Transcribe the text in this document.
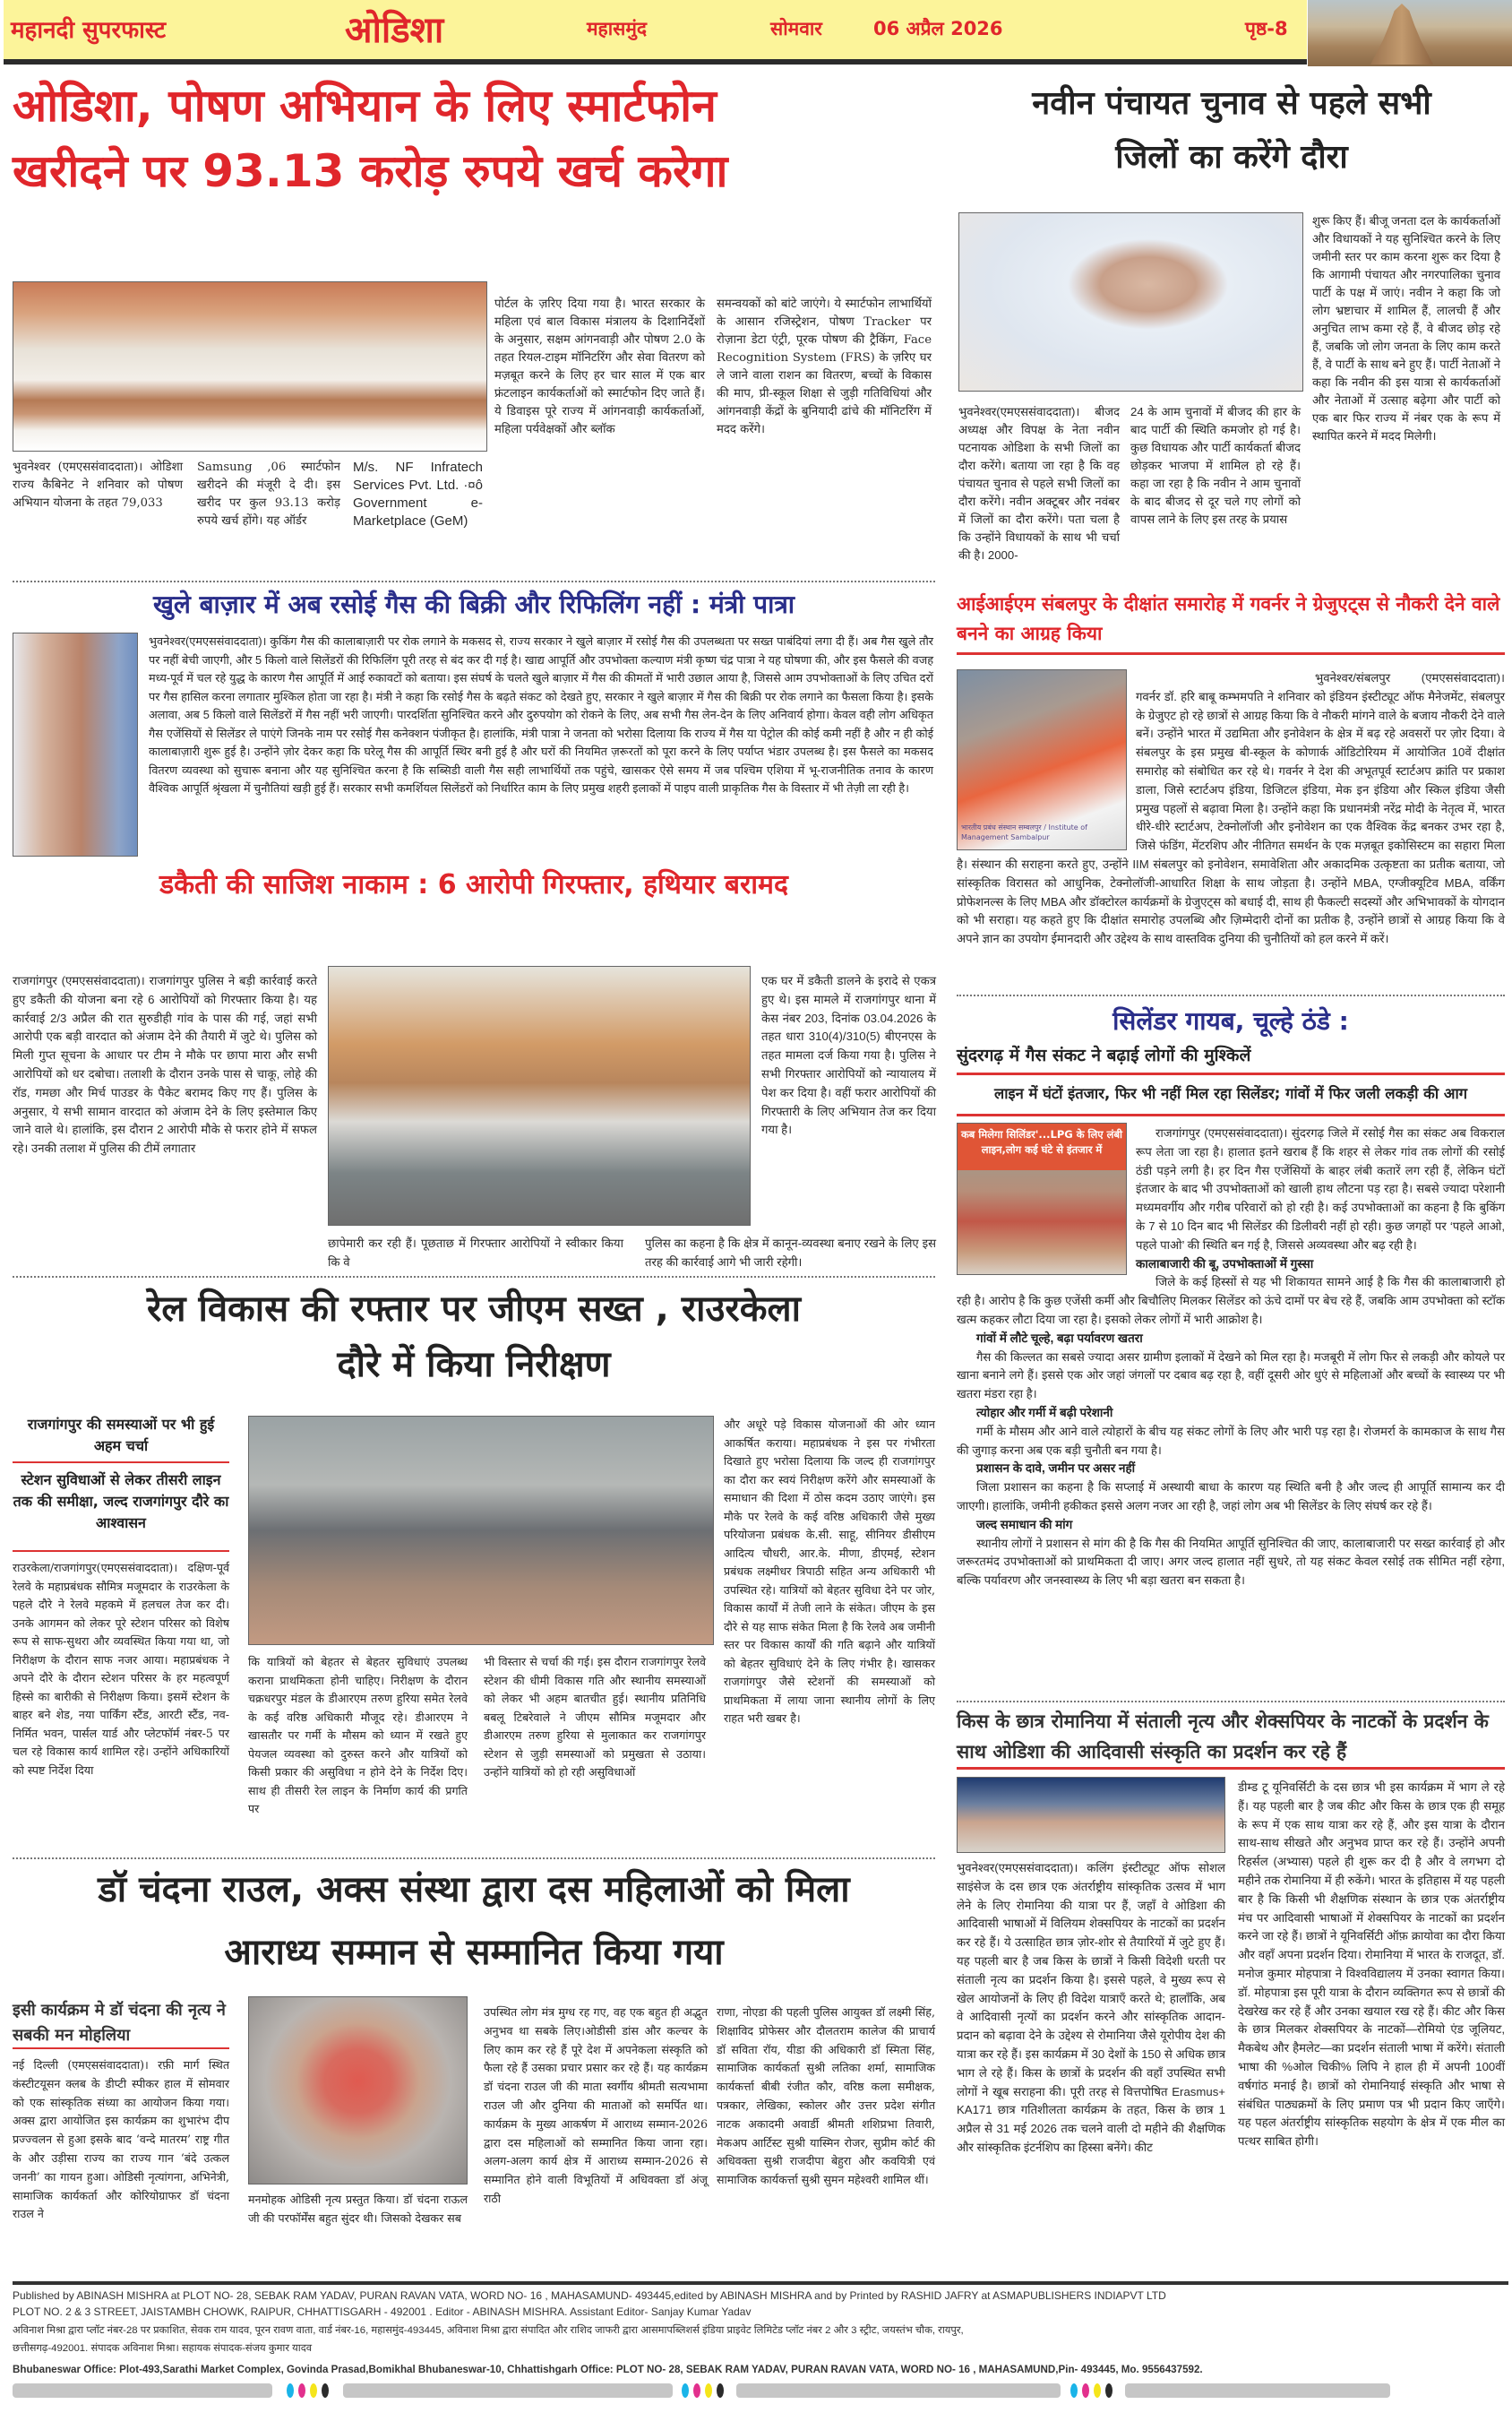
महानदी सुपरफास्ट	ओडिशा	महासमुंद	सोमवार	06 अप्रैल 2026	पृष्ठ-8
ओडिशा, पोषण अभियान के लिए स्मार्टफोन
खरीदने पर 93.13 करोड़ रुपये खर्च करेगा
भुवनेश्वर (एमएससंवाददाता)। ओडिशा राज्य कैबिनेट ने शनिवार को पोषण अभियान योजना के तहत 79,033
Samsung ,06 स्मार्टफोन खरीदने की मंजूरी दे दी। इस खरीद पर कुल 93.13 करोड़ रुपये खर्च होंगे। यह ऑर्डर
M/s. NF Infratech Services Pvt. Ltd. ·¤ô Government e-Marketplace (GeM)
पोर्टल के ज़रिए दिया गया है। भारत सरकार के महिला एवं बाल विकास मंत्रालय के दिशानिर्देशों के अनुसार, सक्षम आंगनवाड़ी और पोषण 2.0 के तहत रियल-टाइम मॉनिटरिंग और सेवा वितरण को मज़बूत करने के लिए हर चार साल में एक बार फ्रंटलाइन कार्यकर्ताओं को स्मार्टफोन दिए जाते हैं। ये डिवाइस पूरे राज्य में आंगनवाड़ी कार्यकर्ताओं, महिला पर्यवेक्षकों और ब्लॉक
समन्वयकों को बांटे जाएंगे। ये स्मार्टफोन लाभार्थियों के आसान रजिस्ट्रेशन, पोषण Tracker पर रोज़ाना डेटा एंट्री, पूरक पोषण की ट्रैकिंग, Face Recognition System (FRS) के ज़रिए घर ले जाने वाला राशन का वितरण, बच्चों के विकास की माप, प्री-स्कूल शिक्षा से जुड़ी गतिविधियां और आंगनवाड़ी केंद्रों के बुनियादी ढांचे की मॉनिटरिंग में मदद करेंगे।
नवीन पंचायत चुनाव से पहले सभी
जिलों का करेंगे दौरा
भुवनेश्वर(एमएससंवाददाता)। बीजद अध्यक्ष और विपक्ष के नेता नवीन पटनायक ओडिशा के सभी जिलों का दौरा करेंगे। बताया जा रहा है कि वह पंचायत चुनाव से पहले सभी जिलों का दौरा करेंगे। नवीन अक्टूबर और नवंबर में जिलों का दौरा करेंगे। पता चला है कि उन्होंने विधायकों के साथ भी चर्चा की है। 2000-
24 के आम चुनावों में बीजद की हार के बाद पार्टी की स्थिति कमजोर हो गई है। कुछ विधायक और पार्टी कार्यकर्ता बीजद छोड़कर भाजपा में शामिल हो रहे हैं। कहा जा रहा है कि नवीन ने आम चुनावों के बाद बीजद से दूर चले गए लोगों को वापस लाने के लिए इस तरह के प्रयास
शुरू किए हैं। बीजू जनता दल के कार्यकर्ताओं और विधायकों ने यह सुनिश्चित करने के लिए जमीनी स्तर पर काम करना शुरू कर दिया है कि आगामी पंचायत और नगरपालिका चुनाव पार्टी के पक्ष में जाएं। नवीन ने कहा कि जो लोग भ्रष्टाचार में शामिल हैं, लालची हैं और अनुचित लाभ कमा रहे हैं, वे बीजद छोड़ रहे हैं, जबकि जो लोग जनता के लिए काम करते हैं, वे पार्टी के साथ बने हुए हैं। पार्टी नेताओं ने कहा कि नवीन की इस यात्रा से कार्यकर्ताओं और नेताओं में उत्साह बढ़ेगा और पार्टी को एक बार फिर राज्य में नंबर एक के रूप में स्थापित करने में मदद मिलेगी।
खुले बाज़ार में अब रसोई गैस की बिक्री और रिफिलिंग नहीं : मंत्री पात्रा
भुवनेश्वर(एमएससंवाददाता)। कुकिंग गैस की कालाबाज़ारी पर रोक लगाने के मकसद से, राज्य सरकार ने खुले बाज़ार में रसोई गैस की उपलब्धता पर सख्त पाबंदियां लगा दी हैं। अब गैस खुले तौर पर नहीं बेची जाएगी, और 5 किलो वाले सिलेंडरों की रिफिलिंग पूरी तरह से बंद कर दी गई है। खाद्य आपूर्ति और उपभोक्ता कल्याण मंत्री कृष्ण चंद्र पात्रा ने यह घोषणा की, और इस फैसले की वजह मध्य-पूर्व में चल रहे युद्ध के कारण गैस आपूर्ति में आई रुकावटों को बताया। इस संघर्ष के चलते खुले बाज़ार में गैस की कीमतों में भारी उछाल आया है, जिससे आम उपभोक्ताओं के लिए उचित दरों पर गैस हासिल करना लगातार मुश्किल होता जा रहा है। मंत्री ने कहा कि रसोई गैस के बढ़ते संकट को देखते हुए, सरकार ने खुले बाज़ार में गैस की बिक्री पर रोक लगाने का फैसला किया है। इसके अलावा, अब 5 किलो वाले सिलेंडरों में गैस नहीं भरी जाएगी। पारदर्शिता सुनिश्चित करने और दुरुपयोग को रोकने के लिए, अब सभी गैस लेन-देन के लिए अनिवार्य होगा। केवल वही लोग अधिकृत गैस एजेंसियों से सिलेंडर ले पाएंगे जिनके नाम पर रसोई गैस कनेक्शन पंजीकृत है। हालांकि, मंत्री पात्रा ने जनता को भरोसा दिलाया कि राज्य में गैस या पेट्रोल की कोई कमी नहीं है और न ही कोई कालाबाज़ारी शुरू हुई है। उन्होंने ज़ोर देकर कहा कि घरेलू गैस की आपूर्ति स्थिर बनी हुई है और घरों की नियमित ज़रूरतों को पूरा करने के लिए पर्याप्त भंडार उपलब्ध है। इस फैसले का मकसद वितरण व्यवस्था को सुचारू बनाना और यह सुनिश्चित करना है कि सब्सिडी वाली गैस सही लाभार्थियों तक पहुंचे, खासकर ऐसे समय में जब पश्चिम एशिया में भू-राजनीतिक तनाव के कारण वैश्विक आपूर्ति श्रृंखला में चुनौतियां खड़ी हुई हैं। सरकार सभी कमर्शियल सिलेंडरों को निर्धारित काम के लिए प्रमुख शहरी इलाकों में पाइप वाली प्राकृतिक गैस के विस्तार में भी तेज़ी ला रही है।
आईआईएम संबलपुर के दीक्षांत समारोह में गवर्नर ने ग्रेजुएट्स से नौकरी देने वाले बनने का आग्रह किया
भारतीय प्रबंध संस्थान सम्बलपुर / Institute of Management Sambalpur
भुवनेश्वर/संबलपुर (एमएससंवाददाता)। गवर्नर डॉ. हरि बाबू कम्भमपति ने शनिवार को इंडियन इंस्टीट्यूट ऑफ मैनेजमेंट, संबलपुर के ग्रेजुएट हो रहे छात्रों से आग्रह किया कि वे नौकरी मांगने वाले के बजाय नौकरी देने वाले बनें। उन्होंने भारत में उद्यमिता और इनोवेशन के क्षेत्र में बढ़ रहे अवसरों पर ज़ोर दिया। वे संबलपुर के इस प्रमुख बी-स्कूल के कोणार्क ऑडिटोरियम में आयोजित 10वें दीक्षांत समारोह को संबोधित कर रहे थे। गवर्नर ने देश की अभूतपूर्व स्टार्टअप क्रांति पर प्रकाश डाला, जिसे स्टार्टअप इंडिया, डिजिटल इंडिया, मेक इन इंडिया और स्किल इंडिया जैसी प्रमुख पहलों से बढ़ावा मिला है। उन्होंने कहा कि प्रधानमंत्री नरेंद्र मोदी के नेतृत्व में, भारत धीरे-धीरे स्टार्टअप, टेक्नोलॉजी और इनोवेशन का एक वैश्विक केंद्र बनकर उभर रहा है, जिसे फंडिंग, मेंटरशिप और नीतिगत समर्थन के एक मज़बूत इकोसिस्टम का सहारा मिला है। संस्थान की सराहना करते हुए, उन्होंने IIM संबलपुर को इनोवेशन, समावेशिता और अकादमिक उत्कृष्टता का प्रतीक बताया, जो सांस्कृतिक विरासत को आधुनिक, टेक्नोलॉजी-आधारित शिक्षा के साथ जोड़ता है। उन्होंने MBA, एग्जीक्यूटिव MBA, वर्किंग प्रोफेशनल्स के लिए MBA और डॉक्टोरल कार्यक्रमों के ग्रेजुएट्स को बधाई दी, साथ ही फैकल्टी सदस्यों और अभिभावकों के योगदान को भी सराहा। यह कहते हुए कि दीक्षांत समारोह उपलब्धि और ज़िम्मेदारी दोनों का प्रतीक है, उन्होंने छात्रों से आग्रह किया कि वे अपने ज्ञान का उपयोग ईमानदारी और उद्देश्य के साथ वास्तविक दुनिया की चुनौतियों को हल करने में करें।
डकैती की साजिश नाकाम : 6 आरोपी गिरफ्तार, हथियार बरामद
राजगांगपुर (एमएससंवाददाता)। राजगांगपुर पुलिस ने बड़ी कार्रवाई करते हुए डकैती की योजना बना रहे 6 आरोपियों को गिरफ्तार किया है। यह कार्रवाई 2/3 अप्रैल की रात सुरुडीही गांव के पास की गई, जहां सभी आरोपी एक बड़ी वारदात को अंजाम देने की तैयारी में जुटे थे। पुलिस को मिली गुप्त सूचना के आधार पर टीम ने मौके पर छापा मारा और सभी आरोपियों को धर दबोचा। तलाशी के दौरान उनके पास से चाकू, लोहे की रॉड, गमछा और मिर्च पाउडर के पैकेट बरामद किए गए हैं। पुलिस के अनुसार, ये सभी सामान वारदात को अंजाम देने के लिए इस्तेमाल किए जाने वाले थे। हालांकि, इस दौरान 2 आरोपी मौके से फरार होने में सफल रहे। उनकी तलाश में पुलिस की टीमें लगातार
छापेमारी कर रही हैं। पूछताछ में गिरफ्तार आरोपियों ने स्वीकार किया कि वे
एक घर में डकैती डालने के इरादे से एकत्र हुए थे। इस मामले में राजगांगपुर थाना में केस नंबर 203, दिनांक 03.04.2026 के तहत धारा 310(4)/310(5) बीएनएस के तहत मामला दर्ज किया गया है। पुलिस ने सभी गिरफ्तार आरोपियों को न्यायालय में पेश कर दिया है। वहीं फरार आरोपियों की गिरफ्तारी के लिए अभियान तेज कर दिया गया है।
पुलिस का कहना है कि क्षेत्र में कानून-व्यवस्था बनाए रखने के लिए इस तरह की कार्रवाई आगे भी जारी रहेगी।
सिलेंडर गायब, चूल्हे ठंडे :
सुंदरगढ़ में गैस संकट ने बढ़ाई लोगों की मुश्किलें
लाइन में घंटों इंतजार, फिर भी नहीं मिल रहा सिलेंडर; गांवों में फिर जली लकड़ी की आग
कब मिलेगा सिलिंडर'...LPG के लिए लंबी लाइन,लोग कई घंटे से इंतजार में

राजगांगपुर (एमएससंवाददाता)। सुंदरगढ़ जिले में रसोई गैस का संकट अब विकराल रूप लेता जा रहा है। हालात इतने खराब हैं कि शहर से लेकर गांव तक लोगों की रसोई ठंडी पड़ने लगी है। हर दिन गैस एजेंसियों के बाहर लंबी कतारें लग रही हैं, लेकिन घंटों इंतजार के बाद भी उपभोक्ताओं को खाली हाथ लौटना पड़ रहा है। सबसे ज्यादा परेशानी मध्यमवर्गीय और गरीब परिवारों को हो रही है। कई उपभोक्ताओं का कहना है कि बुकिंग के 7 से 10 दिन बाद भी सिलेंडर की डिलीवरी नहीं हो रही। कुछ जगहों पर ‘पहले आओ, पहले पाओ’ की स्थिति बन गई है, जिससे अव्यवस्था और बढ़ रही है।

कालाबाजारी की बू, उपभोक्ताओं में गुस्सा

जिले के कई हिस्सों से यह भी शिकायत सामने आई है कि गैस की कालाबाजारी हो रही है। आरोप है कि कुछ एजेंसी कर्मी और बिचौलिए मिलकर सिलेंडर को ऊंचे दामों पर बेच रहे हैं, जबकि आम उपभोक्ता को स्टॉक खत्म कहकर लौटा दिया जा रहा है। इसको लेकर लोगों में भारी आक्रोश है।

गांवों में लौटे चूल्हे, बढ़ा पर्यावरण खतरा

गैस की किल्लत का सबसे ज्यादा असर ग्रामीण इलाकों में देखने को मिल रहा है। मजबूरी में लोग फिर से लकड़ी और कोयले पर खाना बनाने लगे हैं। इससे एक ओर जहां जंगलों पर दबाव बढ़ रहा है, वहीं दूसरी ओर धुएं से महिलाओं और बच्चों के स्वास्थ्य पर भी खतरा मंडरा रहा है।

त्योहार और गर्मी में बढ़ी परेशानी

गर्मी के मौसम और आने वाले त्योहारों के बीच यह संकट लोगों के लिए और भारी पड़ रहा है। रोजमर्रा के कामकाज के साथ गैस की जुगाड़ करना अब एक बड़ी चुनौती बन गया है।

प्रशासन के दावे, जमीन पर असर नहीं

जिला प्रशासन का कहना है कि सप्लाई में अस्थायी बाधा के कारण यह स्थिति बनी है और जल्द ही आपूर्ति सामान्य कर दी जाएगी। हालांकि, जमीनी हकीकत इससे अलग नजर आ रही है, जहां लोग अब भी सिलेंडर के लिए संघर्ष कर रहे हैं।

जल्द समाधान की मांग

स्थानीय लोगों ने प्रशासन से मांग की है कि गैस की नियमित आपूर्ति सुनिश्चित की जाए, कालाबाजारी पर सख्त कार्रवाई हो और जरूरतमंद उपभोक्ताओं को प्राथमिकता दी जाए। अगर जल्द हालात नहीं सुधरे, तो यह संकट केवल रसोई तक सीमित नहीं रहेगा, बल्कि पर्यावरण और जनस्वास्थ्य के लिए भी बड़ा खतरा बन सकता है।

रेल विकास की रफ्तार पर जीएम सख्त , राउरकेला
दौरे में किया निरीक्षण
राजगांगपुर की समस्याओं पर भी हुई अहम चर्चा
स्टेशन सुविधाओं से लेकर तीसरी लाइन तक की समीक्षा, जल्द राजगांगपुर दौरे का आश्वासन
राउरकेला/राजगांगपुर(एमएससंवाददाता)। दक्षिण-पूर्व रेलवे के महाप्रबंधक सौमित्र मजूमदार के राउरकेला के पहले दौरे ने रेलवे महकमे में हलचल तेज कर दी। उनके आगमन को लेकर पूरे स्टेशन परिसर को विशेष रूप से साफ-सुथरा और व्यवस्थित किया गया था, जो निरीक्षण के दौरान साफ नजर आया। महाप्रबंधक ने अपने दौरे के दौरान स्टेशन परिसर के हर महत्वपूर्ण हिस्से का बारीकी से निरीक्षण किया। इसमें स्टेशन के बाहर बने शेड, नया पार्किंग स्टैंड, आरटी स्टैंड, नव-निर्मित भवन, पार्सल यार्ड और प्लेटफॉर्म नंबर-5 पर चल रहे विकास कार्य शामिल रहे। उन्होंने अधिकारियों को स्पष्ट निर्देश दिया
कि यात्रियों को बेहतर से बेहतर सुविधाएं उपलब्ध कराना प्राथमिकता होनी चाहिए। निरीक्षण के दौरान चक्रधरपुर मंडल के डीआरएम तरुण हुरिया समेत रेलवे के कई वरिष्ठ अधिकारी मौजूद रहे। डीआरएम ने खासतौर पर गर्मी के मौसम को ध्यान में रखते हुए पेयजल व्यवस्था को दुरुस्त करने और यात्रियों को किसी प्रकार की असुविधा न होने देने के निर्देश दिए। साथ ही तीसरी रेल लाइन के निर्माण कार्य की प्रगति पर
भी विस्तार से चर्चा की गई। इस दौरान राजगांगपुर रेलवे स्टेशन की धीमी विकास गति और स्थानीय समस्याओं को लेकर भी अहम बातचीत हुई। स्थानीय प्रतिनिधि बबलू टिबरेवाले ने जीएम सौमित्र मजूमदार और डीआरएम तरुण हुरिया से मुलाकात कर राजगांगपुर स्टेशन से जुड़ी समस्याओं को प्रमुखता से उठाया। उन्होंने यात्रियों को हो रही असुविधाओं
और अधूरे पड़े विकास योजनाओं की ओर ध्यान आकर्षित कराया। महाप्रबंधक ने इस पर गंभीरता दिखाते हुए भरोसा दिलाया कि जल्द ही राजगांगपुर का दौरा कर स्वयं निरीक्षण करेंगे और समस्याओं के समाधान की दिशा में ठोस कदम उठाए जाएंगे। इस मौके पर रेलवे के कई वरिष्ठ अधिकारी जैसे मुख्य परियोजना प्रबंधक के.सी. साहू, सीनियर डीसीएम आदित्य चौधरी, आर.के. मीणा, डीएमई, स्टेशन प्रबंधक लक्ष्मीधर त्रिपाठी सहित अन्य अधिकारी भी उपस्थित रहे। यात्रियों को बेहतर सुविधा देने पर जोर, विकास कार्यों में तेजी लाने के संकेत। जीएम के इस दौरे से यह साफ संकेत मिला है कि रेलवे अब जमीनी स्तर पर विकास कार्यों की गति बढ़ाने और यात्रियों को बेहतर सुविधाएं देने के लिए गंभीर है। खासकर राजगांगपुर जैसे स्टेशनों की समस्याओं को प्राथमिकता में लाया जाना स्थानीय लोगों के लिए राहत भरी खबर है।	किस के छात्र रोमानिया में संताली नृत्य और शेक्सपियर के नाटकों के प्रदर्शन के साथ ओडिशा की आदिवासी संस्कृति का प्रदर्शन कर रहे हैं
भुवनेश्वर(एमएससंवाददाता)। कलिंग इंस्टीट्यूट ऑफ सोशल साइंसेज के दस छात्र एक अंतर्राष्ट्रीय सांस्कृतिक उत्सव में भाग लेने के लिए रोमानिया की यात्रा पर हैं, जहाँ वे ओडिशा की आदिवासी भाषाओं में विलियम शेक्सपियर के नाटकों का प्रदर्शन कर रहे हैं। ये उत्साहित छात्र ज़ोर-शोर से तैयारियों में जुटे हुए हैं। यह पहली बार है जब किस के छात्रों ने किसी विदेशी धरती पर संताली नृत्य का प्रदर्शन किया है। इससे पहले, वे मुख्य रूप से खेल आयोजनों के लिए ही विदेश यात्राएँ करते थे; हालाँकि, अब वे आदिवासी नृत्यों का प्रदर्शन करने और सांस्कृतिक आदान-प्रदान को बढ़ावा देने के उद्देश्य से रोमानिया जैसे यूरोपीय देश की यात्रा कर रहे हैं। इस कार्यक्रम में 30 देशों के 150 से अधिक छात्र भाग ले रहे हैं। किस के छात्रों के प्रदर्शन की वहाँ उपस्थित सभी लोगों ने खूब सराहना की। पूरी तरह से वित्तपोषित Erasmus+ KA171 छात्र गतिशीलता कार्यक्रम के तहत, किस के छात्र 1 अप्रैल से 31 मई 2026 तक चलने वाली दो महीने की शैक्षणिक और सांस्कृतिक इंटर्नशिप का हिस्सा बनेंगे। कीट
डीम्ड टू यूनिवर्सिटी के दस छात्र भी इस कार्यक्रम में भाग ले रहे हैं। यह पहली बार है जब कीट और किस के छात्र एक ही समूह के रूप में एक साथ यात्रा कर रहे हैं, और इस यात्रा के दौरान साथ-साथ सीखते और अनुभव प्राप्त कर रहे हैं। उन्होंने अपनी रिहर्सल (अभ्यास) पहले ही शुरू कर दी है और वे लगभग दो महीने तक रोमानिया में ही रुकेंगे। भारत के इतिहास में यह पहली बार है कि किसी भी शैक्षणिक संस्थान के छात्र एक अंतर्राष्ट्रीय मंच पर आदिवासी भाषाओं में शेक्सपियर के नाटकों का प्रदर्शन करने जा रहे हैं। छात्रों ने यूनिवर्सिटी ऑफ़ क्रायोवा का दौरा किया और वहाँ अपना प्रदर्शन दिया। रोमानिया में भारत के राजदूत, डॉ. मनोज कुमार मोहपात्रा ने विश्वविद्यालय में उनका स्वागत किया। डॉ. मोहपात्रा इस पूरी यात्रा के दौरान व्यक्तिगत रूप से छात्रों की देखरेख कर रहे हैं और उनका खयाल रख रहे हैं। कीट और किस के छात्र मिलकर शेक्सपियर के नाटकों—रोमियो एंड जूलियट, मैकबेथ और हैमलेट—का प्रदर्शन संताली भाषा में करेंगे। संताली भाषा की %ओल चिकी% लिपि ने हाल ही में अपनी 100वीं वर्षगांठ मनाई है। छात्रों को रोमानियाई संस्कृति और भाषा से संबंधित पाठ्यक्रमों के लिए प्रमाण पत्र भी प्रदान किए जाएँगे। यह पहल अंतर्राष्ट्रीय सांस्कृतिक सहयोग के क्षेत्र में एक मील का पत्थर साबित होगी।
डॉ चंदना राउल, अक्स संस्था द्वारा दस महिलाओं को मिला
आराध्य सम्मान से सम्मानित किया गया
इसी कार्यक्रम मे डॉ चंदना की नृत्य ने सबकी मन मोहलिया
नई दिल्ली (एमएससंवाददाता)। रफ़ी मार्ग स्थित कंस्टीटयूसन क्लब के डीप्टी स्पीकर हाल में सोमवार को एक सांस्कृतिक संध्या का आयोजन किया गया। अक्स द्वारा आयोजित इस कार्यक्रम का शुभारंभ दीप प्रज्ज्वलन से हुआ इसके बाद ‘वन्दे मातरम’ राष्ट्र गीत के और उड़ीसा राज्य का राज्य गान ‘बंदे उत्कल जननी’ का गायन हुआ। ओडिसी नृत्यांगना, अभिनेत्री, सामाजिक कार्यकर्ता और कोरियोग्राफर डॉ चंदना राउल ने
मनमोहक ओडिसी नृत्य प्रस्तुत किया। डॉ चंदना राऊल जी की परफॉर्मेंस बहुत सुंदर थी। जिसको देखकर सब
उपस्थित लोग मंत्र मुग्ध रह गए, वह एक बहुत ही अद्भुत अनुभव था सबके लिए।ओडीसी डांस और कल्चर के लिए काम कर रहे हैं पूरे देश में अपनेकला संस्कृति को फैला रहे हैं उसका प्रचार प्रसार कर रहे हैं। यह कार्यक्रम डॉ चंदना राउल जी की माता स्वर्गीय श्रीमती सत्यभामा राउल जी और दुनिया की माताओं को समर्पित था। कार्यक्रम के मुख्य आकर्षण में आराध्य सम्मान-2026 द्वारा दस महिलाओं को सम्मानित किया जाना रहा। अलग-अलग कार्य क्षेत्र में आराध्य सम्मान-2026 से सम्मानित होने वाली विभूतियों में अधिवक्ता डॉ अंजू राठी
राणा, नोएडा की पहली पुलिस आयुक्त डॉ लक्ष्मी सिंह, शिक्षाविद प्रोफेसर और दौलतराम कालेज की प्राचार्य डॉ सविता रॉय, यीडा की अधिकारी डॉ स्मिता सिंह, सामाजिक कार्यकर्ता सुश्री लतिका शर्मा, सामाजिक कार्यकर्त्ता बीबी रंजीत कौर, वरिष्ठ कला समीक्षक, पत्रकार, लेखिका, स्कोलर और उत्तर प्रदेश संगीत नाटक अकादमी अवार्डी श्रीमती शशिप्रभा तिवारी, मेकअप आर्टिस्ट सुश्री यास्मिन रोजर, सुप्रीम कोर्ट की अधिवक्ता सुश्री राजदीपा बेहुरा और कवयित्री एवं सामाजिक कार्यकर्त्ता सुश्री सुमन महेश्वरी शामिल थीं।
Published by ABINASH MISHRA at PLOT NO- 28, SEBAK RAM YADAV, PURAN RAVAN VATA, WORD NO- 16 , MAHASAMUND- 493445,edited by ABINASH MISHRA and by Printed by RASHID JAFRY at ASMAPUBLISHERS INDIAPVT LTD
PLOT NO. 2 & 3 STREET, JAISTAMBH CHOWK, RAIPUR, CHHATTISGARH - 492001 . Editor - ABINASH MISHRA. Assistant Editor- Sanjay Kumar Yadav
अविनाश मिश्रा द्वारा प्लॉट नंबर-28 पर प्रकाशित, सेवक राम यादव, पूरन रावण वाता, वार्ड नंबर-16, महासमुंद-493445, अविनाश मिश्रा द्वारा संपादित और राशिद जाफरी द्वारा आसमापब्लिशर्स इंडिया प्राइवेट लिमिटेड प्लॉट नंबर 2 और 3 स्ट्रीट, जयस्तंभ चौक, रायपुर,
छत्तीसगढ़-492001. संपादक अविनाश मिश्रा। सहायक संपादक-संजय कुमार यादव
Bhubaneswar Office: Plot-493,Sarathi Market Complex, Govinda Prasad,Bomikhal Bhubaneswar-10, Chhattishgarh Office: PLOT NO- 28, SEBAK RAM YADAV, PURAN RAVAN VATA, WORD NO- 16 , MAHASAMUND,Pin- 493445, Mo. 9556437592.
